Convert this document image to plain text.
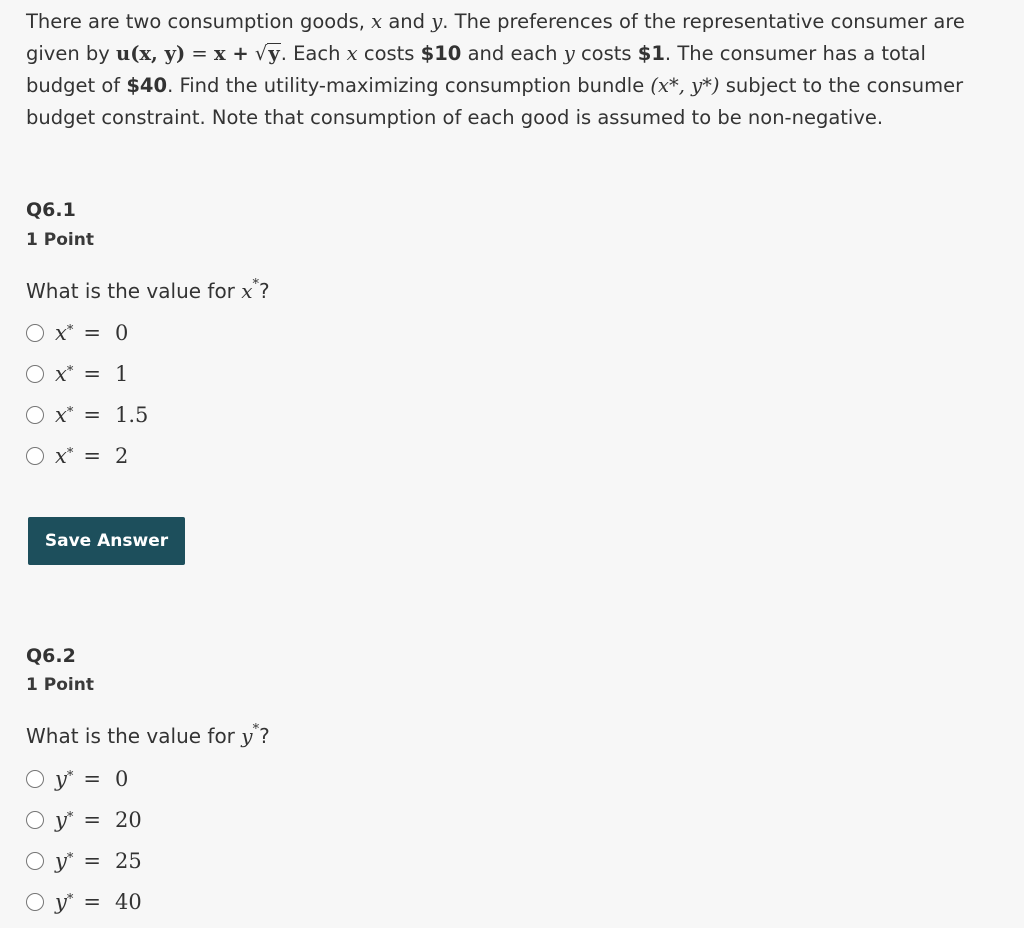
There are two consumption goods, x and y. The preferences of the representative consumer are given by u(x, y) = x + √y. Each x costs $10 and each y costs $1. The consumer has a total budget of $40. Find the utility-maximizing consumption bundle (x*, y*) subject to the consumer budget constraint. Note that consumption of each good is assumed to be non-negative.

Q6.1
1 Point

What is the value for x*?

x* = 0
x* = 1
x* = 1.5
x* = 2
Save Answer
Q6.2
1 Point

What is the value for y*?

y* = 0
y* = 20
y* = 25
y* = 40
